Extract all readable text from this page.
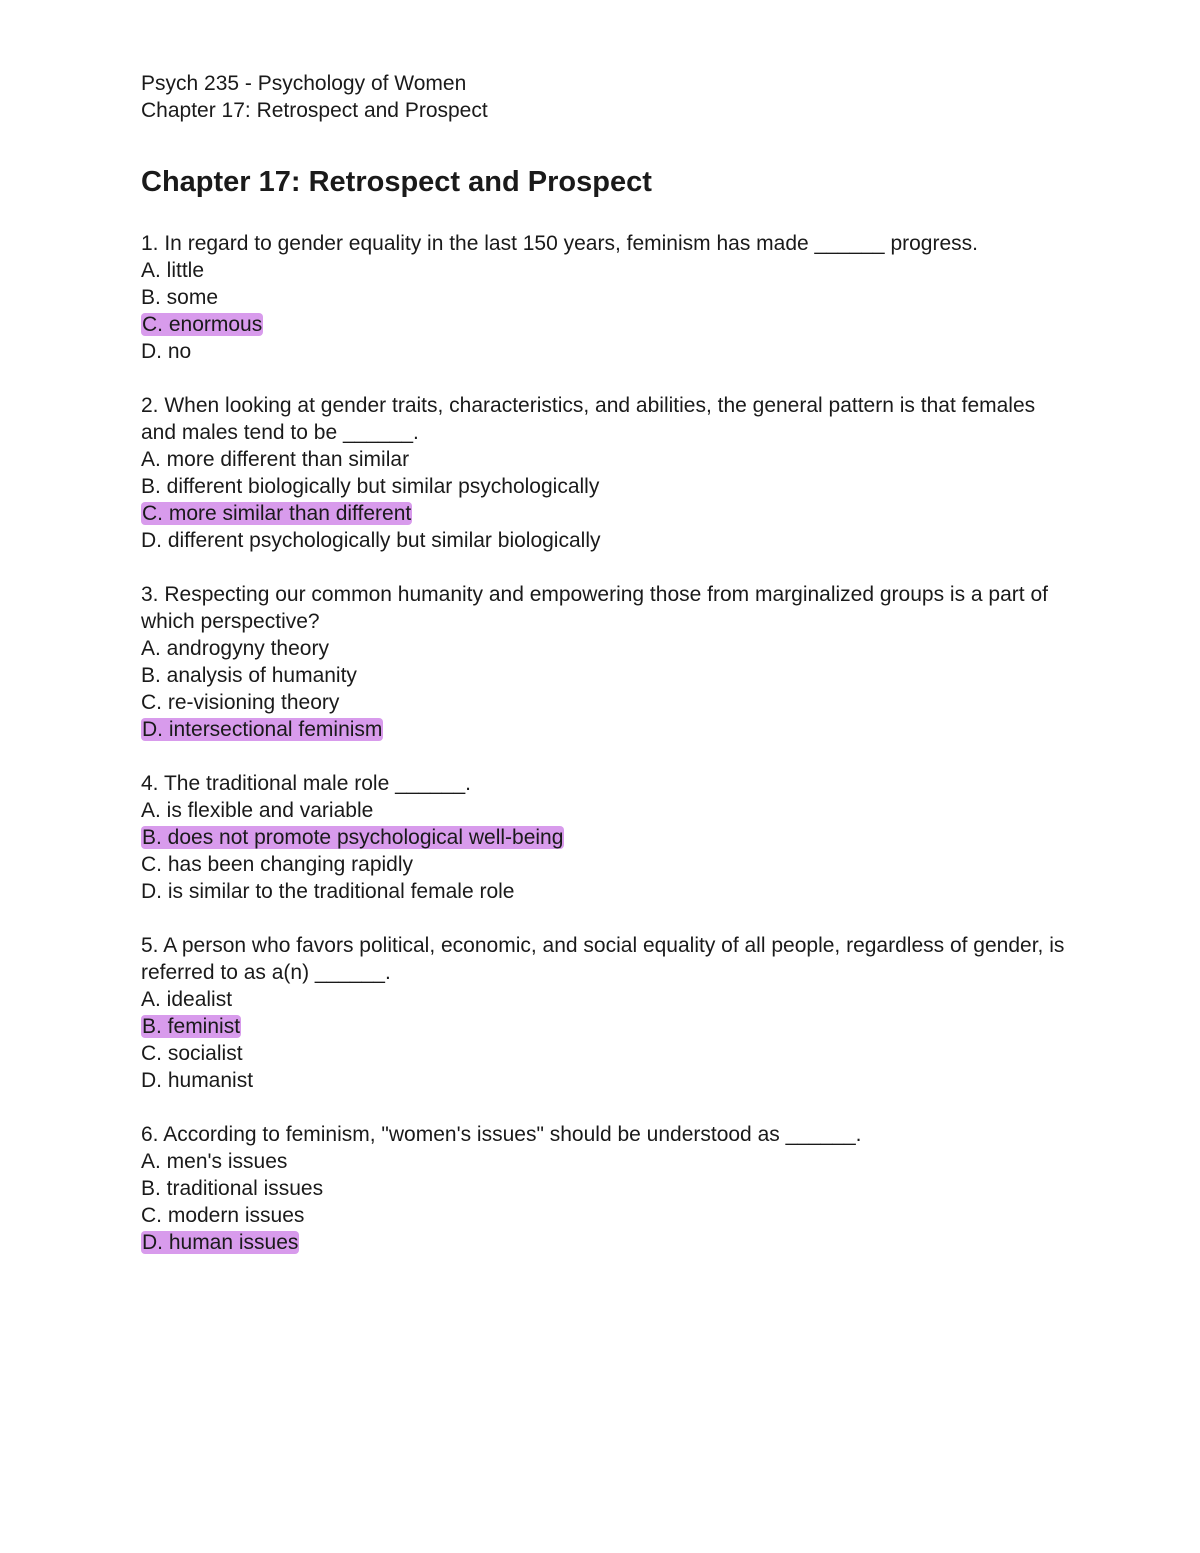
Psych 235 - Psychology of Women

Chapter 17: Retrospect and Prospect

Chapter 17: Retrospect and Prospect

1. In regard to gender equality in the last 150 years, feminism has made ______ progress.

A. little

B. some

C. enormous

D. no

2. When looking at gender traits, characteristics, and abilities, the general pattern is that females and males tend to be ______.

A. more different than similar

B. different biologically but similar psychologically

C. more similar than different

D. different psychologically but similar biologically

3. Respecting our common humanity and empowering those from marginalized groups is a part of which perspective?

A. androgyny theory

B. analysis of humanity

C. re-visioning theory

D. intersectional feminism

4. The traditional male role ______.

A. is flexible and variable

B. does not promote psychological well-being

C. has been changing rapidly

D. is similar to the traditional female role

5. A person who favors political, economic, and social equality of all people, regardless of gender, is referred to as a(n) ______.

A. idealist

B. feminist

C. socialist

D. humanist

6. According to feminism, "women's issues" should be understood as ______.

A. men's issues

B. traditional issues

C. modern issues

D. human issues
